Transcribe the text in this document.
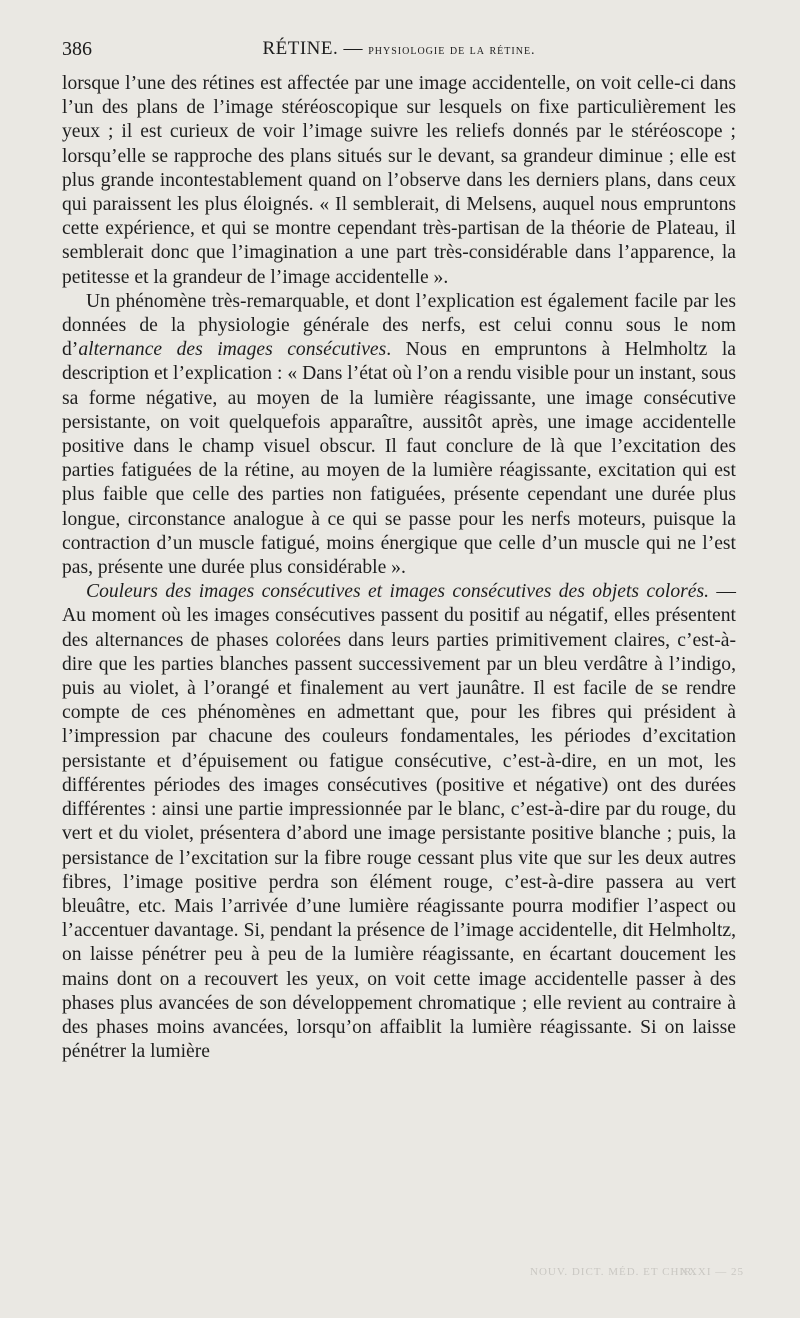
386	RÉTINE. — physiologie de la rétine.

lorsque l’une des rétines est affectée par une image accidentelle, on voit celle-ci dans l’un des plans de l’image stéréoscopique sur lesquels on fixe particulièrement les yeux ; il est curieux de voir l’image suivre les reliefs donnés par le stéréoscope ; lorsqu’elle se rapproche des plans situés sur le devant, sa grandeur diminue ; elle est plus grande incontestablement quand on l’observe dans les derniers plans, dans ceux qui paraissent les plus éloignés. « Il semblerait, di Melsens, auquel nous empruntons cette expérience, et qui se montre cependant très-partisan de la théorie de Plateau, il semblerait donc que l’imagination a une part très-considérable dans l’apparence, la petitesse et la grandeur de l’image accidentelle ».

Un phénomène très-remarquable, et dont l’explication est également facile par les données de la physiologie générale des nerfs, est celui connu sous le nom d’alternance des images consécutives. Nous en empruntons à Helmholtz la description et l’explication : « Dans l’état où l’on a rendu visible pour un instant, sous sa forme négative, au moyen de la lumière réagissante, une image consécutive persistante, on voit quelquefois apparaître, aussitôt après, une image accidentelle positive dans le champ visuel obscur. Il faut conclure de là que l’excitation des parties fatiguées de la rétine, au moyen de la lumière réagissante, excitation qui est plus faible que celle des parties non fatiguées, présente cependant une durée plus longue, circonstance analogue à ce qui se passe pour les nerfs moteurs, puisque la contraction d’un muscle fatigué, moins énergique que celle d’un muscle qui ne l’est pas, présente une durée plus considérable ».

Couleurs des images consécutives et images consécutives des objets colorés. — Au moment où les images consécutives passent du positif au négatif, elles présentent des alternances de phases colorées dans leurs parties primitivement claires, c’est-à-dire que les parties blanches passent successivement par un bleu verdâtre à l’indigo, puis au violet, à l’orangé et finalement au vert jaunâtre. Il est facile de se rendre compte de ces phénomènes en admettant que, pour les fibres qui président à l’impression par chacune des couleurs fondamentales, les périodes d’excitation persistante et d’épuisement ou fatigue consécutive, c’est-à-dire, en un mot, les différentes périodes des images consécutives (positive et négative) ont des durées différentes : ainsi une partie impressionnée par le blanc, c’est-à-dire par du rouge, du vert et du violet, présentera d’abord une image persistante positive blanche ; puis, la persistance de l’excitation sur la fibre rouge cessant plus vite que sur les deux autres fibres, l’image positive perdra son élément rouge, c’est-à-dire passera au vert bleuâtre, etc. Mais l’arrivée d’une lumière réagissante pourra modifier l’aspect ou l’accentuer davantage. Si, pendant la présence de l’image accidentelle, dit Helmholtz, on laisse pénétrer peu à peu de la lumière réagissante, en écartant doucement les mains dont on a recouvert les yeux, on voit cette image accidentelle passer à des phases plus avancées de son développement chromatique ; elle revient au contraire à des phases moins avancées, lorsqu’on affaiblit la lumière réagissante. Si on laisse pénétrer la lumière

NOUV. DICT. MÉD. ET CHIR.
XXXI — 25
